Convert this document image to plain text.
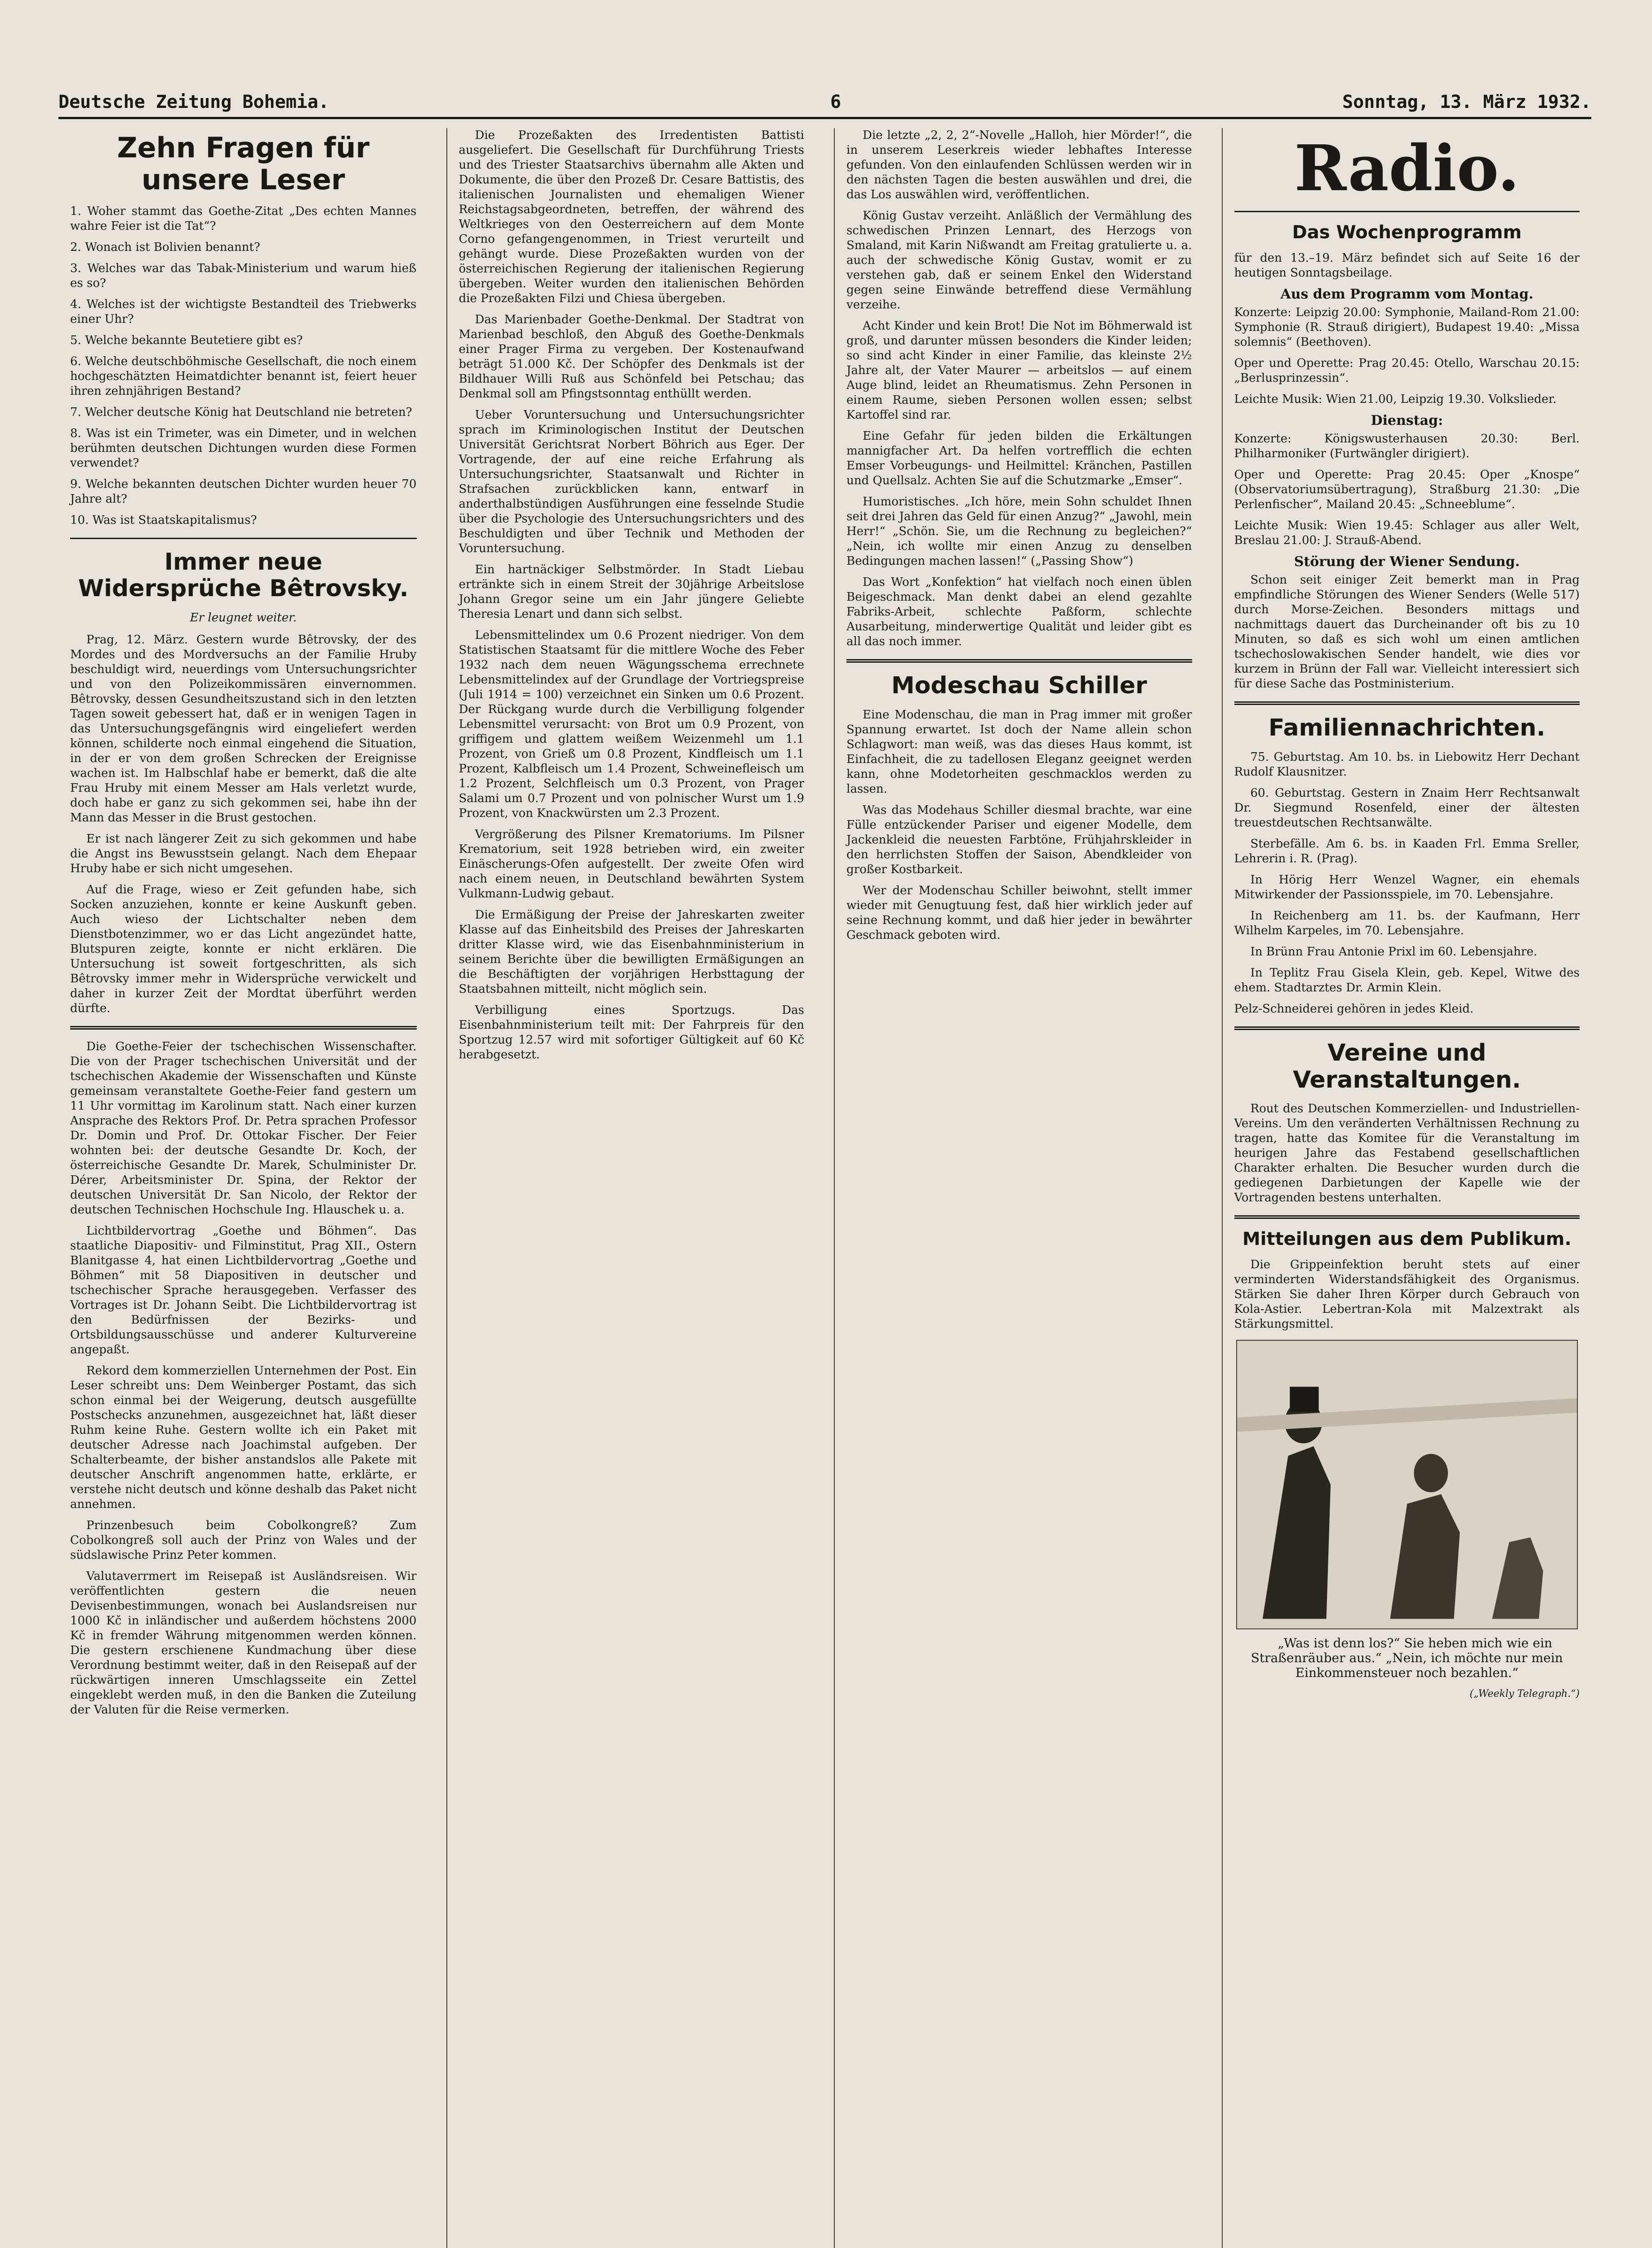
Deutsche Zeitung Bohemia.	6	Sonntag, 13. März 1932.
Zehn Fragen für unsere Leser

1. Woher stammt das Goethe-Zitat „Des echten Mannes wahre Feier ist die Tat“?

2. Wonach ist Bolivien benannt?

3. Welches war das Tabak-Ministerium und warum hieß es so?

4. Welches ist der wichtigste Bestandteil des Triebwerks einer Uhr?

5. Welche bekannte Beutetiere gibt es?

6. Welche deutschböhmische Gesellschaft, die noch einem hochgeschätzten Heimatdichter benannt ist, feiert heuer ihren zehnjährigen Bestand?

7. Welcher deutsche König hat Deutschland nie betreten?

8. Was ist ein Trimeter, was ein Dimeter, und in welchen berühmten deutschen Dichtungen wurden diese Formen verwendet?

9. Welche bekannten deutschen Dichter wurden heuer 70 Jahre alt?

10. Was ist Staatskapitalismus?

Immer neue Widersprüche Bêtrovsky.
Er leugnet weiter.

Prag, 12. März. Gestern wurde Bêtrovsky, der des Mordes und des Mordversuchs an der Familie Hruby beschuldigt wird, neuerdings vom Untersuchungsrichter und von den Polizeikommissären einvernommen. Bêtrovsky, dessen Gesundheitszustand sich in den letzten Tagen soweit gebessert hat, daß er in wenigen Tagen in das Untersuchungsgefängnis wird eingeliefert werden können, schilderte noch einmal eingehend die Situation, in der er von dem großen Schrecken der Ereignisse wachen ist. Im Halbschlaf habe er bemerkt, daß die alte Frau Hruby mit einem Messer am Hals verletzt wurde, doch habe er ganz zu sich gekommen sei, habe ihn der Mann das Messer in die Brust gestochen.

Er ist nach längerer Zeit zu sich gekommen und habe die Angst ins Bewusstsein gelangt. Nach dem Ehepaar Hruby habe er sich nicht umgesehen.

Auf die Frage, wieso er Zeit gefunden habe, sich Socken anzuziehen, konnte er keine Auskunft geben. Auch wieso der Lichtschalter neben dem Dienstbotenzimmer, wo er das Licht angezündet hatte, Blutspuren zeigte, konnte er nicht erklären. Die Untersuchung ist soweit fortgeschritten, als sich Bêtrovsky immer mehr in Widersprüche verwickelt und daher in kurzer Zeit der Mordtat überführt werden dürfte.

Die Goethe-Feier der tschechischen Wissenschafter. Die von der Prager tschechischen Universität und der tschechischen Akademie der Wissenschaften und Künste gemeinsam veranstaltete Goethe-Feier fand gestern um 11 Uhr vormittag im Karolinum statt. Nach einer kurzen Ansprache des Rektors Prof. Dr. Petra sprachen Professor Dr. Domin und Prof. Dr. Ottokar Fischer. Der Feier wohnten bei: der deutsche Gesandte Dr. Koch, der österreichische Gesandte Dr. Marek, Schulminister Dr. Dérer, Arbeitsminister Dr. Spina, der Rektor der deutschen Universität Dr. San Nicolo, der Rektor der deutschen Technischen Hochschule Ing. Hlauschek u. a.

Lichtbildervortrag „Goethe und Böhmen“. Das staatliche Diapositiv- und Filminstitut, Prag XII., Ostern Blanitgasse 4, hat einen Lichtbildervortrag „Goethe und Böhmen“ mit 58 Diapositiven in deutscher und tschechischer Sprache herausgegeben. Verfasser des Vortrages ist Dr. Johann Seibt. Die Lichtbildervortrag ist den Bedürfnissen der Bezirks- und Ortsbildungsausschüsse und anderer Kulturvereine angepaßt.

Rekord dem kommerziellen Unternehmen der Post. Ein Leser schreibt uns: Dem Weinberger Postamt, das sich schon einmal bei der Weigerung, deutsch ausgefüllte Postschecks anzunehmen, ausgezeichnet hat, läßt dieser Ruhm keine Ruhe. Gestern wollte ich ein Paket mit deutscher Adresse nach Joachimstal aufgeben. Der Schalterbeamte, der bisher anstandslos alle Pakete mit deutscher Anschrift angenommen hatte, erklärte, er verstehe nicht deutsch und könne deshalb das Paket nicht annehmen.

Prinzenbesuch beim Cobolkongreß? Zum Cobolkongreß soll auch der Prinz von Wales und der südslawische Prinz Peter kommen.

Valutaverrmert im Reisepaß ist Ausländsreisen. Wir veröffentlichten gestern die neuen Devisenbestimmungen, wonach bei Auslandsreisen nur 1000 Kč in inländischer und außerdem höchstens 2000 Kč in fremder Währung mitgenommen werden können. Die gestern erschienene Kundmachung über diese Verordnung bestimmt weiter, daß in den Reisepaß auf der rückwärtigen inneren Umschlagsseite ein Zettel eingeklebt werden muß, in den die Banken die Zuteilung der Valuten für die Reise vermerken.

Die Prozeßakten des Irredentisten Battisti ausgeliefert. Die Gesellschaft für Durchführung Triests und des Triester Staatsarchivs übernahm alle Akten und Dokumente, die über den Prozeß Dr. Cesare Battistis, des italienischen Journalisten und ehemaligen Wiener Reichstagsabgeordneten, betreffen, der während des Weltkrieges von den Oesterreichern auf dem Monte Corno gefangengenommen, in Triest verurteilt und gehängt wurde. Diese Prozeßakten wurden von der österreichischen Regierung der italienischen Regierung übergeben. Weiter wurden den italienischen Behörden die Prozeßakten Filzi und Chiesa übergeben.

Das Marienbader Goethe-Denkmal. Der Stadtrat von Marienbad beschloß, den Abguß des Goethe-Denkmals einer Prager Firma zu vergeben. Der Kostenaufwand beträgt 51.000 Kč. Der Schöpfer des Denkmals ist der Bildhauer Willi Ruß aus Schönfeld bei Petschau; das Denkmal soll am Pfingstsonntag enthüllt werden.

Ueber Voruntersuchung und Untersuchungsrichter sprach im Kriminologischen Institut der Deutschen Universität Gerichtsrat Norbert Böhrich aus Eger. Der Vortragende, der auf eine reiche Erfahrung als Untersuchungsrichter, Staatsanwalt und Richter in Strafsachen zurückblicken kann, entwarf in anderthalbstündigen Ausführungen eine fesselnde Studie über die Psychologie des Untersuchungsrichters und des Beschuldigten und über Technik und Methoden der Voruntersuchung.

Ein hartnäckiger Selbstmörder. In Stadt Liebau ertränkte sich in einem Streit der 30jährige Arbeitslose Johann Gregor seine um ein Jahr jüngere Geliebte Theresia Lenart und dann sich selbst.

Lebensmittelindex um 0.6 Prozent niedriger. Von dem Statistischen Staatsamt für die mittlere Woche des Feber 1932 nach dem neuen Wägungsschema errechnete Lebensmittelindex auf der Grundlage der Vortriegspreise (Juli 1914 = 100) verzeichnet ein Sinken um 0.6 Prozent. Der Rückgang wurde durch die Verbilligung folgender Lebensmittel verursacht: von Brot um 0.9 Prozent, von griffigem und glattem weißem Weizenmehl um 1.1 Prozent, von Grieß um 0.8 Prozent, Kindfleisch um 1.1 Prozent, Kalbfleisch um 1.4 Prozent, Schweinefleisch um 1.2 Prozent, Selchfleisch um 0.3 Prozent, von Prager Salami um 0.7 Prozent und von polnischer Wurst um 1.9 Prozent, von Knackwürsten um 2.3 Prozent.

Vergrößerung des Pilsner Krematoriums. Im Pilsner Krematorium, seit 1928 betrieben wird, ein zweiter Einäscherungs-Ofen aufgestellt. Der zweite Ofen wird nach einem neuen, in Deutschland bewährten System Vulkmann-Ludwig gebaut.

Die Ermäßigung der Preise der Jahreskarten zweiter Klasse auf das Einheitsbild des Preises der Jahreskarten dritter Klasse wird, wie das Eisenbahnministerium in seinem Berichte über die bewilligten Ermäßigungen an die Beschäftigten der vorjährigen Herbsttagung der Staatsbahnen mitteilt, nicht möglich sein.

Verbilligung eines Sportzugs. Das Eisenbahnministerium teilt mit: Der Fahrpreis für den Sportzug 12.57 wird mit sofortiger Gültigkeit auf 60 Kč herabgesetzt.

Die letzte „2, 2, 2“-Novelle „Halloh, hier Mörder!“, die in unserem Leserkreis wieder lebhaftes Interesse gefunden. Von den einlaufenden Schlüssen werden wir in den nächsten Tagen die besten auswählen und drei, die das Los auswählen wird, veröffentlichen.

König Gustav verzeiht. Anläßlich der Vermählung des schwedischen Prinzen Lennart, des Herzogs von Smaland, mit Karin Nißwandt am Freitag gratulierte u. a. auch der schwedische König Gustav, womit er zu verstehen gab, daß er seinem Enkel den Widerstand gegen seine Einwände betreffend diese Vermählung verzeihe.

Acht Kinder und kein Brot! Die Not im Böhmerwald ist groß, und darunter müssen besonders die Kinder leiden; so sind acht Kinder in einer Familie, das kleinste 2½ Jahre alt, der Vater Maurer — arbeitslos — auf einem Auge blind, leidet an Rheumatismus. Zehn Personen in einem Raume, sieben Personen wollen essen; selbst Kartoffel sind rar.

Eine Gefahr für jeden bilden die Erkältungen mannigfacher Art. Da helfen vortrefflich die echten Emser Vorbeugungs- und Heilmittel: Kränchen, Pastillen und Quellsalz. Achten Sie auf die Schutzmarke „Emser“.

Humoristisches. „Ich höre, mein Sohn schuldet Ihnen seit drei Jahren das Geld für einen Anzug?“ „Jawohl, mein Herr!“ „Schön. Sie, um die Rechnung zu begleichen?“ „Nein, ich wollte mir einen Anzug zu denselben Bedingungen machen lassen!“ („Passing Show“)

Das Wort „Konfektion“ hat vielfach noch einen üblen Beigeschmack. Man denkt dabei an elend gezahlte Fabriks-Arbeit, schlechte Paßform, schlechte Ausarbeitung, minderwertige Qualität und leider gibt es all das noch immer.

Modeschau Schiller

Eine Modenschau, die man in Prag immer mit großer Spannung erwartet. Ist doch der Name allein schon Schlagwort: man weiß, was das dieses Haus kommt, ist Einfachheit, die zu tadellosen Eleganz geeignet werden kann, ohne Modetorheiten geschmacklos werden zu lassen.

Was das Modehaus Schiller diesmal brachte, war eine Fülle entzückender Pariser und eigener Modelle, dem Jackenkleid die neuesten Farbtöne, Frühjahrskleider in den herrlichsten Stoffen der Saison, Abendkleider von großer Kostbarkeit.

Wer der Modenschau Schiller beiwohnt, stellt immer wieder mit Genugtuung fest, daß hier wirklich jeder auf seine Rechnung kommt, und daß hier jeder in bewährter Geschmack geboten wird.

Radio.
Das Wochenprogramm

für den 13.–19. März befindet sich auf Seite 16 der heutigen Sonntagsbeilage.

Aus dem Programm vom Montag.

Konzerte: Leipzig 20.00: Symphonie, Mailand-Rom 21.00: Symphonie (R. Strauß dirigiert), Budapest 19.40: „Missa solemnis“ (Beethoven).

Oper und Operette: Prag 20.45: Otello, Warschau 20.15: „Berlusprinzessin“.

Leichte Musik: Wien 21.00, Leipzig 19.30. Volkslieder.

Dienstag:

Konzerte: Königswusterhausen 20.30: Berl. Philharmoniker (Furtwängler dirigiert).

Oper und Operette: Prag 20.45: Oper „Knospe“ (Observatoriumsübertragung), Straßburg 21.30: „Die Perlenfischer“, Mailand 20.45: „Schneeblume“.

Leichte Musik: Wien 19.45: Schlager aus aller Welt, Breslau 21.00: J. Strauß-Abend.

Störung der Wiener Sendung.

Schon seit einiger Zeit bemerkt man in Prag empfindliche Störungen des Wiener Senders (Welle 517) durch Morse-Zeichen. Besonders mittags und nachmittags dauert das Durcheinander oft bis zu 10 Minuten, so daß es sich wohl um einen amtlichen tschechoslowakischen Sender handelt, wie dies vor kurzem in Brünn der Fall war. Vielleicht interessiert sich für diese Sache das Postministerium.

Familiennachrichten.

75. Geburtstag. Am 10. bs. in Liebowitz Herr Dechant Rudolf Klausnitzer.

60. Geburtstag. Gestern in Znaim Herr Rechtsanwalt Dr. Siegmund Rosenfeld, einer der ältesten treuestdeutschen Rechtsanwälte.

Sterbefälle. Am 6. bs. in Kaaden Frl. Emma Sreller, Lehrerin i. R. (Prag).

In Hörig Herr Wenzel Wagner, ein ehemals Mitwirkender der Passionsspiele, im 70. Lebensjahre.

In Reichenberg am 11. bs. der Kaufmann, Herr Wilhelm Karpeles, im 70. Lebensjahre.

In Brünn Frau Antonie Prixl im 60. Lebensjahre.

In Teplitz Frau Gisela Klein, geb. Kepel, Witwe des ehem. Stadtarztes Dr. Armin Klein.

Pelz-Schneiderei gehören in jedes Kleid.

Vereine und Veranstaltungen.

Rout des Deutschen Kommerziellen- und Industriellen-Vereins. Um den veränderten Verhältnissen Rechnung zu tragen, hatte das Komitee für die Veranstaltung im heurigen Jahre das Festabend gesellschaftlichen Charakter erhalten. Die Besucher wurden durch die gediegenen Darbietungen der Kapelle wie der Vortragenden bestens unterhalten.

Mitteilungen aus dem Publikum.

Die Grippeinfektion beruht stets auf einer verminderten Widerstandsfähigkeit des Organismus. Stärken Sie daher Ihren Körper durch Gebrauch von Kola-Astier. Lebertran-Kola mit Malzextrakt als Stärkungsmittel.

„Was ist denn los?“ Sie heben mich wie ein Straßenräuber aus.“ „Nein, ich möchte nur mein Einkommensteuer noch bezahlen.“

(„Weekly Telegraph.“)
